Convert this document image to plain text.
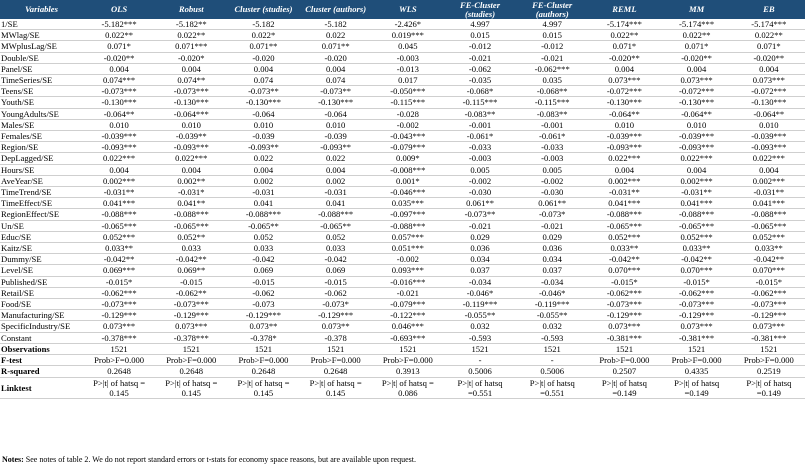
Variables	OLS	Robust	Cluster (studies)	Cluster (authors)	WLS	FE-Cluster (studies)	FE-Cluster (authors)	REML	MM	EB
1/SE	-5.182***	-5.182**	-5.182	-5.182	-2.426*	4.997	4.997	-5.174***	-5.174***	-5.174***
MWlag/SE	0.022**	0.022**	0.022*	0.022	0.019***	0.015	0.015	0.022**	0.022**	0.022**
MWplusLag/SE	0.071*	0.071***	0.071**	0.071**	0.045	-0.012	-0.012	0.071*	0.071*	0.071*
Double/SE	-0.020**	-0.020*	-0.020	-0.020	-0.003	-0.021	-0.021	-0.020**	-0.020**	-0.020**
Panel/SE	0.004	0.004	0.004	0.004	-0.013	-0.062	-0.062***	0.004	0.004	0.004
TimeSeries/SE	0.074***	0.074**	0.074	0.074	0.017	-0.035	0.035	0.073***	0.073***	0.073***
Teens/SE	-0.073***	-0.073***	-0.073**	-0.073**	-0.050***	-0.068*	-0.068**	-0.072***	-0.072***	-0.072***
Youth/SE	-0.130***	-0.130***	-0.130***	-0.130***	-0.115***	-0.115***	-0.115***	-0.130***	-0.130***	-0.130***
YoungAdults/SE	-0.064**	-0.064***	-0.064	-0.064	-0.028	-0.083**	-0.083**	-0.064**	-0.064**	-0.064**
Males/SE	0.010	0.010	0.010	0.010	-0.002	-0.001	-0.001	0.010	0.010	0.010
Females/SE	-0.039***	-0.039**	-0.039	-0.039	-0.043***	-0.061*	-0.061*	-0.039***	-0.039***	-0.039***
Region/SE	-0.093***	-0.093***	-0.093**	-0.093**	-0.079***	-0.033	-0.033	-0.093***	-0.093***	-0.093***
DepLagged/SE	0.022***	0.022***	0.022	0.022	0.009*	-0.003	-0.003	0.022***	0.022***	0.022***
Hours/SE	0.004	0.004	0.004	0.004	-0.008***	0.005	0.005	0.004	0.004	0.004
AveYear/SE	0.002***	0.002**	0.002	0.002	0.001*	-0.002	-0.002	0.002***	0.002***	0.002***
TimeTrend/SE	-0.031**	-0.031*	-0.031	-0.031	-0.046***	-0.030	-0.030	-0.031**	-0.031**	-0.031**
TimeEffect/SE	0.041***	0.041**	0.041	0.041	0.035***	0.061**	0.061**	0.041***	0.041***	0.041***
RegionEffect/SE	-0.088***	-0.088***	-0.088***	-0.088***	-0.097***	-0.073**	-0.073*	-0.088***	-0.088***	-0.088***
Un/SE	-0.065***	-0.065***	-0.065**	-0.065**	-0.088***	-0.021	-0.021	-0.065***	-0.065***	-0.065***
Educ/SE	0.052***	0.052**	0.052	0.052	0.057***	0.029	0.029	0.052***	0.052***	0.052***
Kaitz/SE	0.033**	0.033	0.033	0.033	0.051***	0.036	0.036	0.033**	0.033**	0.033**
Dummy/SE	-0.042**	-0.042**	-0.042	-0.042	-0.002	0.034	0.034	-0.042**	-0.042**	-0.042**
Level/SE	0.069***	0.069**	0.069	0.069	0.093***	0.037	0.037	0.070***	0.070***	0.070***
Published/SE	-0.015*	-0.015	-0.015	-0.015	-0.016***	-0.034	-0.034	-0.015*	-0.015*	-0.015*
Retail/SE	-0.062***	-0.062**	-0.062	-0.062	-0.021	-0.046*	-0.046*	-0.062***	-0.062***	-0.062***
Food/SE	-0.073***	-0.073***	-0.073	-0.073*	-0.079***	-0.119***	-0.119***	-0.073***	-0.073***	-0.073***
Manufacturing/SE	-0.129***	-0.129***	-0.129***	-0.129***	-0.122***	-0.055**	-0.055**	-0.129***	-0.129***	-0.129***
SpecificIndustry/SE	0.073***	0.073***	0.073**	0.073**	0.046***	0.032	0.032	0.073***	0.073***	0.073***
Constant	-0.378***	-0.378***	-0.378*	-0.378	-0.693***	-0.593	-0.593	-0.381***	-0.381***	-0.381***
Observations	1521	1521	1521	1521	1521	1521	1521	1521	1521	1521
F-test	Prob>F=0.000	Prob>F=0.000	Prob>F=0.000	Prob>F=0.000	Prob>F=0.000	-	-	Prob>F=0.000	Prob>F=0.000	Prob>F=0.000
R-squared	0.2648	0.2648	0.2648	0.2648	0.3913	0.5006	0.5006	0.2507	0.4335	0.2519
Linktest	P>|t| of hatsq = 0.145	P>|t| of hatsq = 0.145	P>|t| of hatsq = 0.145	P>|t| of hatsq = 0.145	P>|t| of hatsq = 0.086	P>|t| of hatsq =0.551	P>|t| of hatsq =0.551	P>|t| of hatsq =0.149	P>|t| of hatsq =0.149	P>|t| of hatsq =0.149
Notes: See notes of table 2. We do not report standard errors or t-stats for economy space reasons, but are available upon request.
